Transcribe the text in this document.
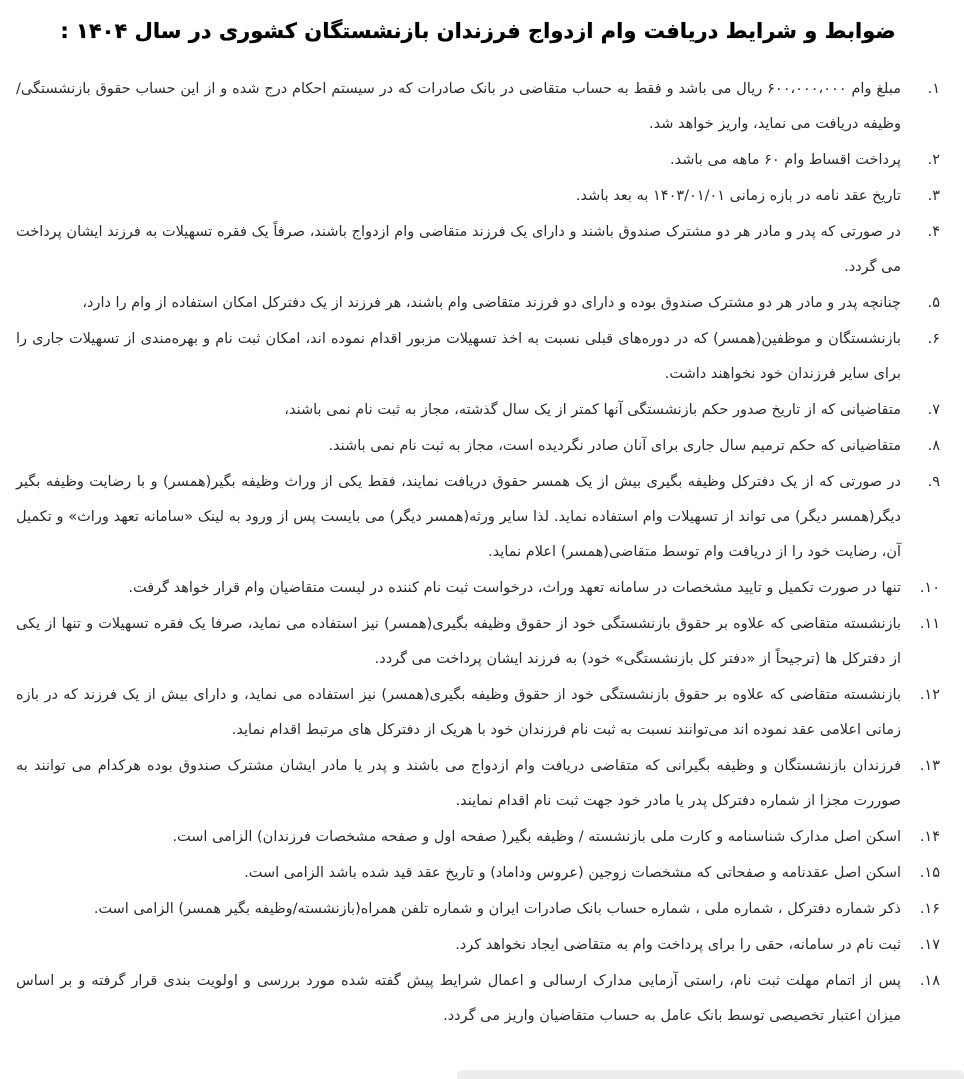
ضوابط و شرایط دریافت وام ازدواج فرزندان بازنشستگان کشوری در سال ۱۴۰۴ :
۱.
مبلغ وام ۶۰۰،۰۰۰،۰۰۰ ریال می باشد و فقط به حساب متقاضی در بانک صادرات که در سیستم احکام درج شده و از این حساب حقوق بازنشستگی/ وظیفه دریافت می نماید، واریز خواهد شد.
۲.
پرداخت اقساط وام ۶۰ ماهه می باشد.
۳.
تاریخ عقد نامه در بازه زمانی ۱۴۰۳/۰۱/۰۱ به بعد باشد.
۴.
در صورتی که پدر و مادر هر دو مشترک صندوق باشند و دارای یک فرزند متقاضی وام ازدواج باشند، صرفاً یک فقره تسهیلات به فرزند ایشان پرداخت می گردد.
۵.
چنانچه پدر و مادر هر دو مشترک صندوق بوده و دارای دو فرزند متقاضی وام باشند، هر فرزند از یک دفترکل امکان استفاده از وام را دارد،
۶.
بازنشستگان و موظفین(همسر) که در دوره‌های قبلی نسبت به اخذ تسهیلات مزبور اقدام نموده اند، امکان ثبت نام و بهره‌مندی از تسهیلات جاری را برای سایر فرزندان خود نخواهند داشت.
۷.
متقاضیانی که از تاریخ صدور حکم بازنشستگی آنها کمتر از یک سال گذشته، مجاز به ثبت نام نمی باشند،
۸.
متقاضیانی که حکم ترمیم سال جاری برای آنان صادر نگردیده است، مجاز به ثبت نام نمی باشند.
۹.
در صورتی که از یک دفترکل وظیفه بگیری بیش از یک همسر حقوق دریافت نمایند، فقط یکی از وراث وظیفه بگیر(همسر) و با رضایت وظیفه بگیر دیگر(همسر دیگر) می تواند از تسهیلات وام استفاده نماید. لذا سایر ورثه(همسر دیگر) می بایست پس از ورود به لینک «سامانه تعهد وراث» و تکمیل آن، رضایت خود را از دریافت وام توسط متقاضی(همسر) اعلام نماید.
۱۰.
تنها در صورت تکمیل و تایید مشخصات در سامانه تعهد وراث، درخواست ثبت نام کننده در لیست متقاضیان وام قرار خواهد گرفت.
۱۱.
بازنشسته متقاضی که علاوه بر حقوق بازنشستگی خود از حقوق وظیفه بگیری(همسر) نیز استفاده می نماید، صرفا یک فقره تسهیلات و تنها از یکی از دفترکل ها (ترجیحاً از «دفتر کل بازنشستگی» خود) به فرزند ایشان پرداخت می گردد.
۱۲.
بازنشسته متقاضی که علاوه بر حقوق بازنشستگی خود از حقوق وظیفه بگیری(همسر) نیز استفاده می نماید، و دارای بیش از یک فرزند که در بازه زمانی اعلامی عقد نموده اند می‌توانند نسبت به ثبت نام فرزندان خود با هریک از دفترکل های مرتبط اقدام نماید.
۱۳.
فرزندان بازنشستگان و وظیفه بگیرانی که متقاضی دریافت وام ازدواج می باشند و پدر یا مادر ایشان مشترک صندوق بوده هرکدام می توانند به صوررت مجزا از شماره دفترکل پدر یا مادر خود جهت ثبت نام اقدام نمایند.
۱۴.
اسکن اصل مدارک شناسنامه و کارت ملی بازنشسته / وظیفه بگیر( صفحه اول و صفحه مشخصات فرزندان) الزامی است.
۱۵.
اسکن اصل عقدنامه و صفحاتی که مشخصات زوجین (عروس وداماد) و تاریخ عقد قید شده باشد الزامی است.
۱۶.
ذکر شماره دفترکل ، شماره ملی ، شماره حساب بانک صادرات ایران و شماره تلفن همراه(بازنشسته/وظیفه بگیر همسر) الزامی است.
۱۷.
ثبت نام در سامانه، حقی را برای پرداخت وام به متقاضی ایجاد نخواهد کرد.
۱۸.
پس از اتمام مهلت ثبت نام، راستی آزمایی مدارک ارسالی و اعمال شرایط پیش گفته شده مورد بررسی و اولویت بندی قرار گرفته و بر اساس میزان اعتبار تخصیصی توسط بانک عامل به حساب متقاضیان واریز می گردد.
